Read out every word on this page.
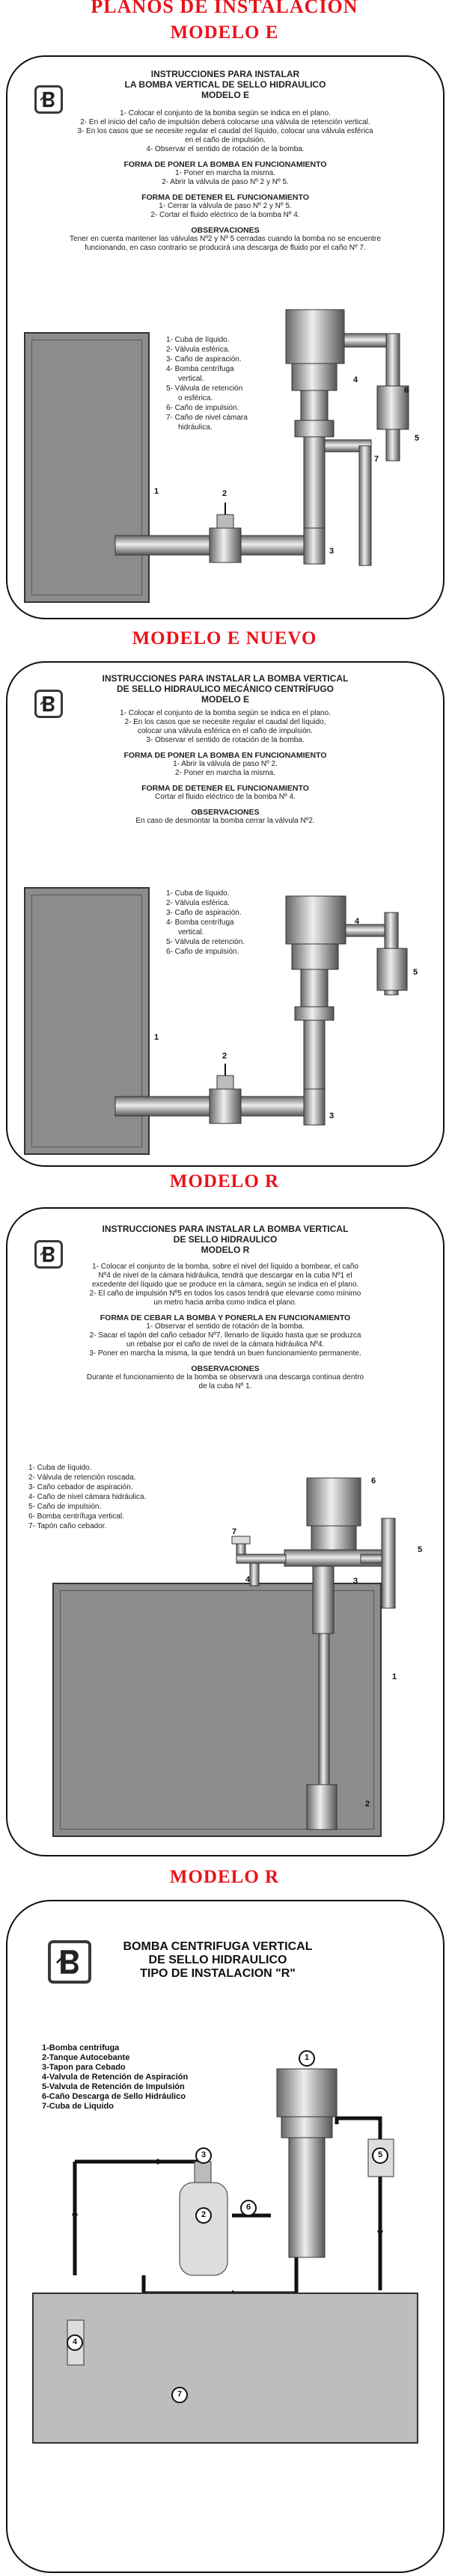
PLANOS DE INSTALACION
MODELO E
INSTRUCCIONES PARA INSTALAR
LA BOMBA VERTICAL DE SELLO HIDRAULICO
MODELO E
1- Colocar el conjunto de la bomba según se indica en el plano.
2- En el inicio del caño de impulsión deberá colocarse una válvula de retención vertical.
3- En los casos que se necesite regular el caudal del líquido, colocar una válvula esférica
en el caño de impulsión.
4- Observar el sentido de rotación de la bomba.
FORMA DE PONER LA BOMBA EN FUNCIONAMIENTO
1- Poner en marcha la misma.
2- Abrir la válvula de paso Nº 2 y Nº 5.
FORMA DE DETENER EL FUNCIONAMIENTO
1- Cerrar la válvula de paso Nº 2 y Nº 5.
2- Cortar el fluido eléctrico de la bomba Nº 4.
OBSERVACIONES
Tener en cuenta mantener las válvulas Nº2 y Nº 5 cerradas cuando la bomba no se encuentre
funcionando, en caso contrario se producirá una descarga de fluido por el caño Nº 7.
1- Cuba de líquido.
2- Válvula esférica.
3- Caño de aspiración.
4- Bomba centrífuga
vertical.
5- Válvula de retención
o esférica.
6- Caño de impulsión.
7- Caño de nivel cámara
hidráulica.
1	2
3
4
5
6
7
MODELO E NUEVO
INSTRUCCIONES PARA INSTALAR LA BOMBA VERTICAL
DE SELLO HIDRAULICO MECÁNICO CENTRÍFUGO
MODELO E
1- Colocar el conjunto de la bomba según se indica en el plano.
2- En los casos que se necesite regular el caudal del líquido,
colocar una válvula esférica en el caño de impulsión.
3- Observar el sentido de rotación de la bomba.
FORMA DE PONER LA BOMBA EN FUNCIONAMIENTO
1- Abrir la válvula de paso Nº 2.
2- Poner en marcha la misma.
FORMA DE DETENER EL FUNCIONAMIENTO
Cortar el fluido eléctrico de la bomba Nº 4.
OBSERVACIONES
En caso de desmontar la bomba cerrar la válvula Nº2.
1- Cuba de líquido.
2- Válvula esférica.
3- Caño de aspiración.
4- Bomba centrífuga
vertical.
5- Válvula de retención.
6- Caño de impulsión.
1
2
3
4
5
MODELO R
INSTRUCCIONES PARA INSTALAR LA BOMBA VERTICAL
DE SELLO HIDRAULICO
MODELO R
1- Colocar el conjunto de la bomba, sobre el nivel del líquido a bombear, el caño
Nº4 de nivel de la cámara hidráulica, tendrá que descargar en la cuba Nº1 el
excedente del líquido que se produce en la cámara, según se indica en el plano.
2- El caño de impulsión Nº5 en todos los casos tendrá que elevarse como mínimo
un metro hacia arriba como indica el plano.
FORMA DE CEBAR LA BOMBA Y PONERLA EN FUNCIONAMIENTO
1- Observar el sentido de rotación de la bomba.
2- Sacar el tapón del caño cebador Nº7, llenarlo de líquido hasta que se produzca
un rebalse por el caño de nivel de la cámara hidráulica Nº4.
3- Poner en marcha la misma, la que tendrá un buen funcionamiento permanente.
OBSERVACIONES
Durante el funcionamiento de la bomba se observará una descarga continua dentro
de la cuba Nº 1.
1- Cuba de líquido.
2- Válvula de retención roscada.
3- Caño cebador de aspiración.
4- Caño de nivel cámara hidráulica.
5- Caño de impulsión.
6- Bomba centrífuga vertical.
7- Tapón caño cebador.
1
2
3
4
5
6
7
MODELO R
BOMBA CENTRIFUGA VERTICAL
DE SELLO HIDRAULICO
TIPO DE INSTALACION "R"
1-Bomba centrifuga
2-Tanque Autocebante
3-Tapon para Cebado
4-Valvula de Retención de Aspiración
5-Valvula de Retención de Impulsión
6-Caño Descarga de Sello Hidráulico
7-Cuba de Liquido
1
2
3
4
5
6
7
